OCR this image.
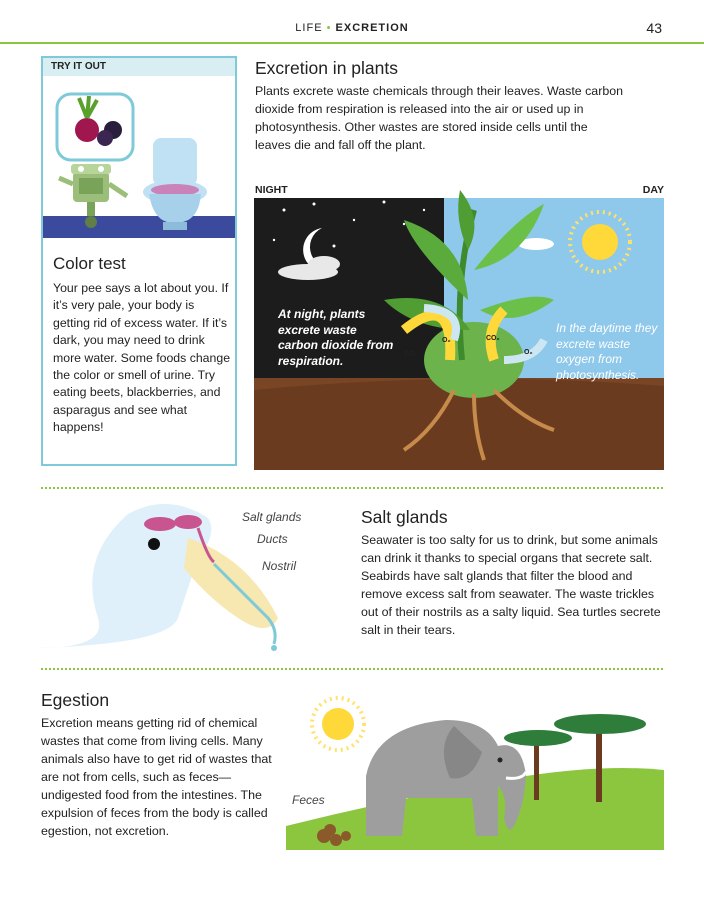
LIFE • EXCRETION	43
TRY IT OUT
Color test

Your pee says a lot about you. If it’s very pale, your body is getting rid of excess water. If it’s dark, you may need to drink more water. Some foods change the color or smell of urine. Try eating beets, blackberries, and asparagus and see what happens!

Excretion in plants

Plants excrete waste chemicals through their leaves. Waste carbon dioxide from respiration is released into the air or used up in photosynthesis. Other wastes are stored inside cells until the leaves die and fall off the plant.

NIGHT	DAY
CO₂
O₂	CO₂
O₂
At night, plants excrete waste carbon dioxide from respiration.
In the daytime they excrete waste oxygen from photosynthesis.
Salt glands
Ducts
Nostril
Salt glands

Seawater is too salty for us to drink, but some animals can drink it thanks to special organs that secrete salt. Seabirds have salt glands that filter the blood and remove excess salt from seawater. The waste trickles out of their nostrils as a salty liquid. Sea turtles secrete salt in their tears.

Egestion

Excretion means getting rid of chemical wastes that come from living cells. Many animals also have to get rid of wastes that are not from cells, such as feces—undigested food from the intestines. The expulsion of feces from the body is called egestion, not excretion.

Feces
